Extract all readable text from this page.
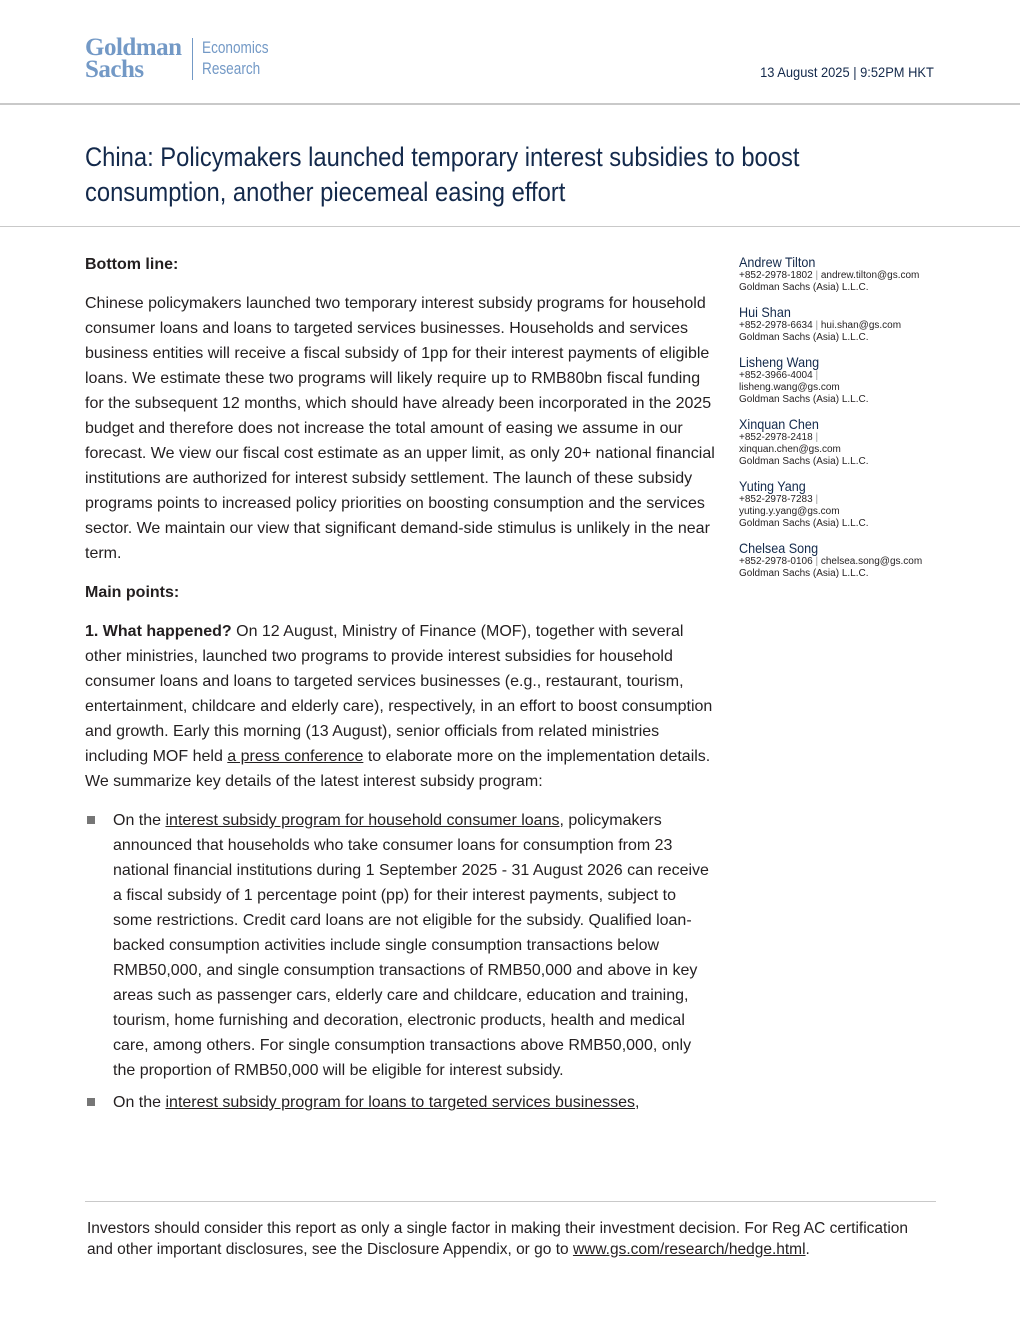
Goldman
Sachs
Economics
Research	13 August 2025 | 9:52PM HKT
China: Policymakers launched temporary interest subsidies to boost consumption, another piecemeal easing effort

Bottom line:

Chinese policymakers launched two temporary interest subsidy programs for household consumer loans and loans to targeted services businesses. Households and services business entities will receive a fiscal subsidy of 1pp for their interest payments of eligible loans. We estimate these two programs will likely require up to RMB80bn fiscal funding for the subsequent 12 months, which should have already been incorporated in the 2025 budget and therefore does not increase the total amount of easing we assume in our forecast. We view our fiscal cost estimate as an upper limit, as only 20+ national financial institutions are authorized for interest subsidy settlement. The launch of these subsidy programs points to increased policy priorities on boosting consumption and the services sector. We maintain our view that significant demand-side stimulus is unlikely in the near term.

Main points:

1. What happened? On 12 August, Ministry of Finance (MOF), together with several other ministries, launched two programs to provide interest subsidies for household consumer loans and loans to targeted services businesses (e.g., restaurant, tourism, entertainment, childcare and elderly care), respectively, in an effort to boost consumption and growth. Early this morning (13 August), senior officials from related ministries including MOF held a press conference to elaborate more on the implementation details. We summarize key details of the latest interest subsidy program:

On the interest subsidy program for household consumer loans, policymakers announced that households who take consumer loans for consumption from 23 national financial institutions during 1 September 2025 - 31 August 2026 can receive a fiscal subsidy of 1 percentage point (pp) for their interest payments, subject to some restrictions. Credit card loans are not eligible for the subsidy. Qualified loan-backed consumption activities include single consumption transactions below RMB50,000, and single consumption transactions of RMB50,000 and above in key areas such as passenger cars, elderly care and childcare, education and training, tourism, home furnishing and decoration, electronic products, health and medical care, among others. For single consumption transactions above RMB50,000, only the proportion of RMB50,000 will be eligible for interest subsidy.
On the interest subsidy program for loans to targeted services businesses,
Andrew Tilton
+852-2978-1802 | andrew.tilton@gs.com
Goldman Sachs (Asia) L.L.C.
Hui Shan
+852-2978-6634 | hui.shan@gs.com
Goldman Sachs (Asia) L.L.C.
Lisheng Wang
+852-3966-4004 |
lisheng.wang@gs.com
Goldman Sachs (Asia) L.L.C.
Xinquan Chen
+852-2978-2418 |
xinquan.chen@gs.com
Goldman Sachs (Asia) L.L.C.
Yuting Yang
+852-2978-7283 |
yuting.y.yang@gs.com
Goldman Sachs (Asia) L.L.C.
Chelsea Song
+852-2978-0106 | chelsea.song@gs.com
Goldman Sachs (Asia) L.L.C.
Investors should consider this report as only a single factor in making their investment decision. For Reg AC certification and other important disclosures, see the Disclosure Appendix, or go to www.gs.com/research/hedge.html.
